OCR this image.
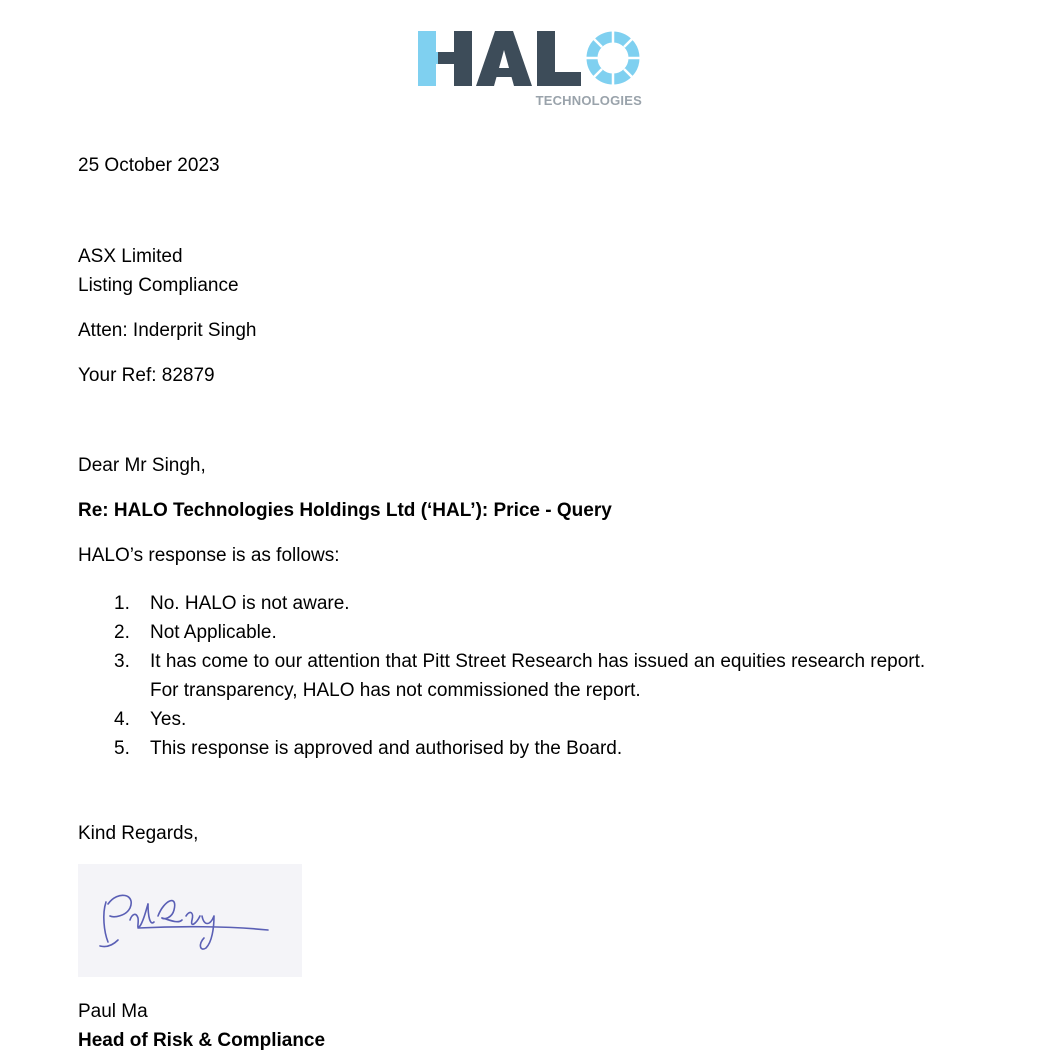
TECHNOLOGIES
25 October 2023
ASX Limited
Listing Compliance
Atten: Inderprit Singh
Your Ref: 82879
Dear Mr Singh,
Re: HALO Technologies Holdings Ltd (‘HAL’): Price - Query
HALO’s response is as follows:
1. No. HALO is not aware.
2. Not Applicable.
3. It has come to our attention that Pitt Street Research has issued an equities research report.
For transparency, HALO has not commissioned the report.
4. Yes.
5. This response is approved and authorised by the Board.
Kind Regards,
Paul Ma
Head of Risk & Compliance
